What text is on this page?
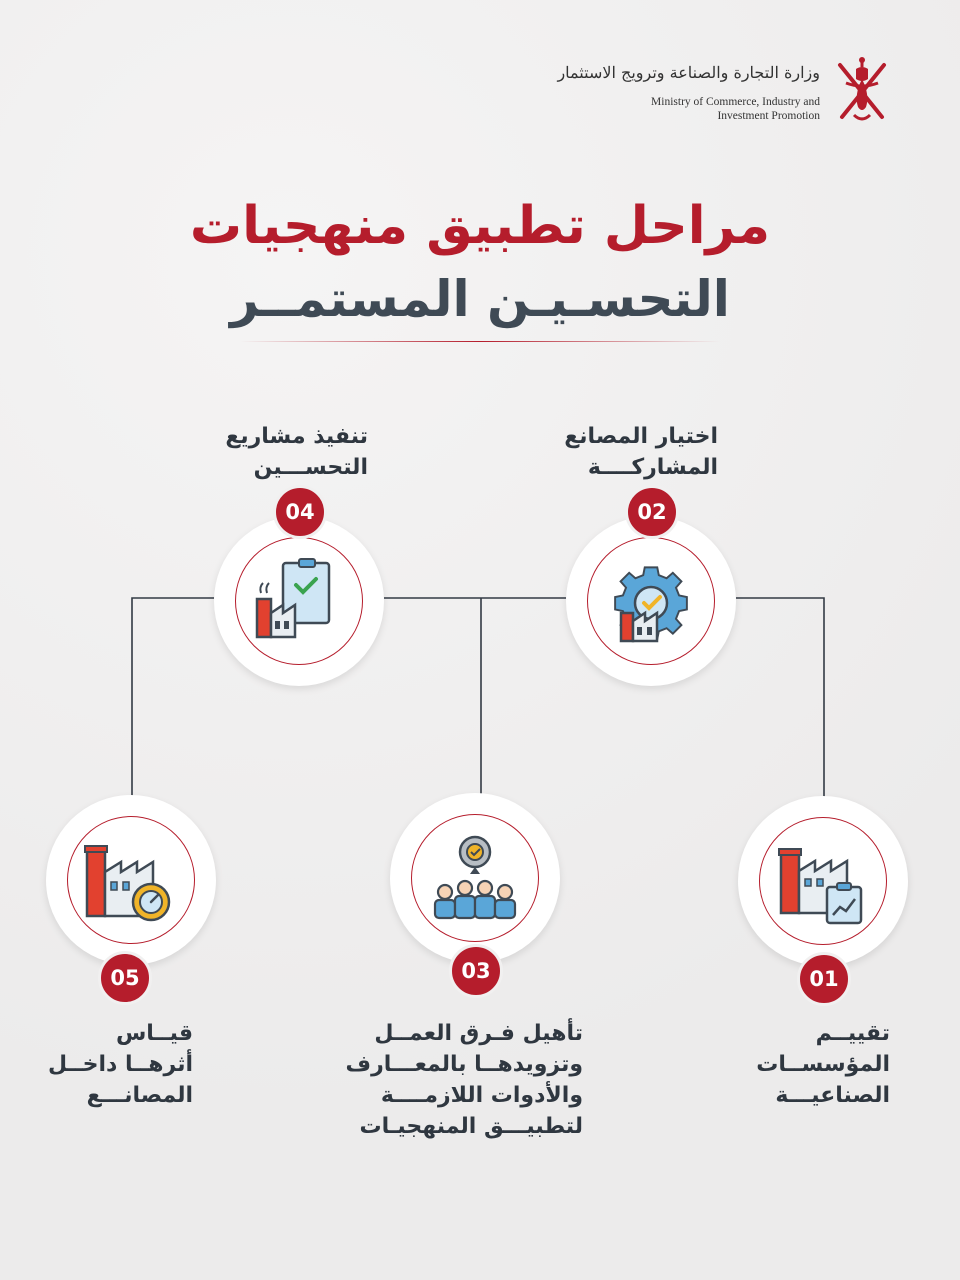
وزارة التجارة والصناعة وترويج الاستثمار
Ministry of Commerce, Industry and
Investment Promotion
مراحل تطبيق منهجيات
التحسـيـن المستمــر
04
تنفيذ مشاريع
التحســـين
02
اختيار المصانع
المشاركــــة
05
قيــاس
أثرهــا داخــل
المصانـــع
03
تأهيل فـرق العمــل
وتزويدهــا بالمعـــارف
والأدوات اللازمــــة
لتطبيـــق المنهجيـات
01
تقييــم
المؤسســات
الصناعيـــة
